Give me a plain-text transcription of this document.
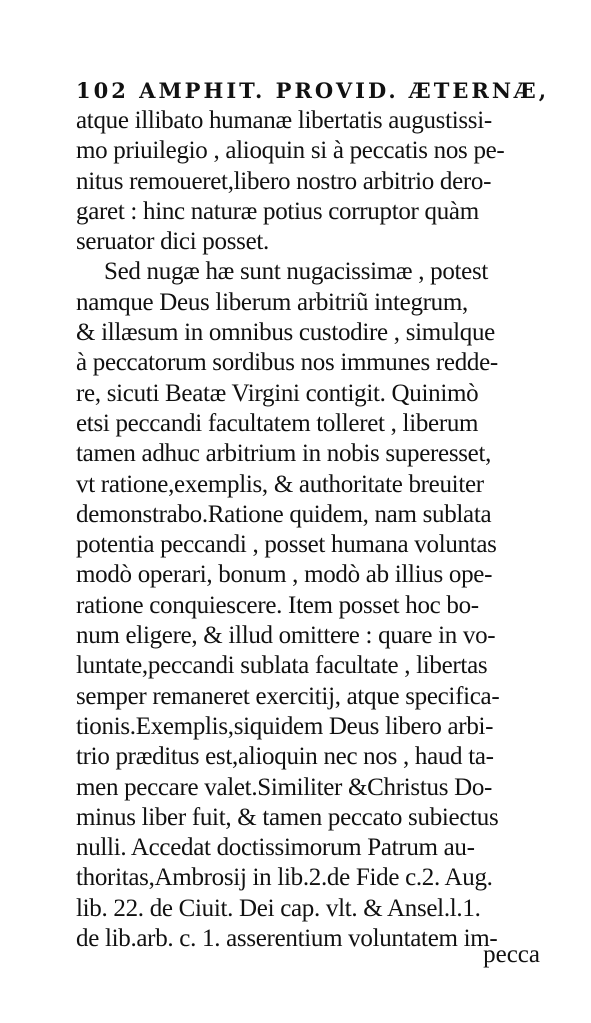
102 AMPHIT. PROVID. ÆTERNÆ,
atque illibato humanæ libertatis augustissi-
mo priuilegio , alioquin si à peccatis nos pe-
nitus remoueret,libero nostro arbitrio dero-
garet : hinc naturæ potius corruptor quàm
seruator dici posset.
Sed nugæ hæ sunt nugacissimæ , potest
namque Deus liberum arbitriũ integrum,
& illæsum in omnibus custodire , simulque
à peccatorum sordibus nos immunes redde-
re, sicuti Beatæ Virgini contigit. Quinimò
etsi peccandi facultatem tolleret , liberum
tamen adhuc arbitrium in nobis superesset,
vt ratione,exemplis, & authoritate breuiter
demonstrabo.Ratione quidem, nam sublata
potentia peccandi , posset humana voluntas
modò operari, bonum , modò ab illius ope-
ratione conquiescere. Item posset hoc bo-
num eligere, & illud omittere : quare in vo-
luntate,peccandi sublata facultate , libertas
semper remaneret exercitij, atque specifica-
tionis.Exemplis,siquidem Deus libero arbi-
trio præditus est,alioquin nec nos , haud ta-
men peccare valet.Similiter &Christus Do-
minus liber fuit, & tamen peccato subiectus
nulli. Accedat doctissimorum Patrum au-
thoritas,Ambrosij in lib.2.de Fide c.2. Aug.
lib. 22. de Ciuit. Dei cap. vlt. & Ansel.l.1.
de lib.arb. c. 1. asserentium voluntatem im-
pecca
